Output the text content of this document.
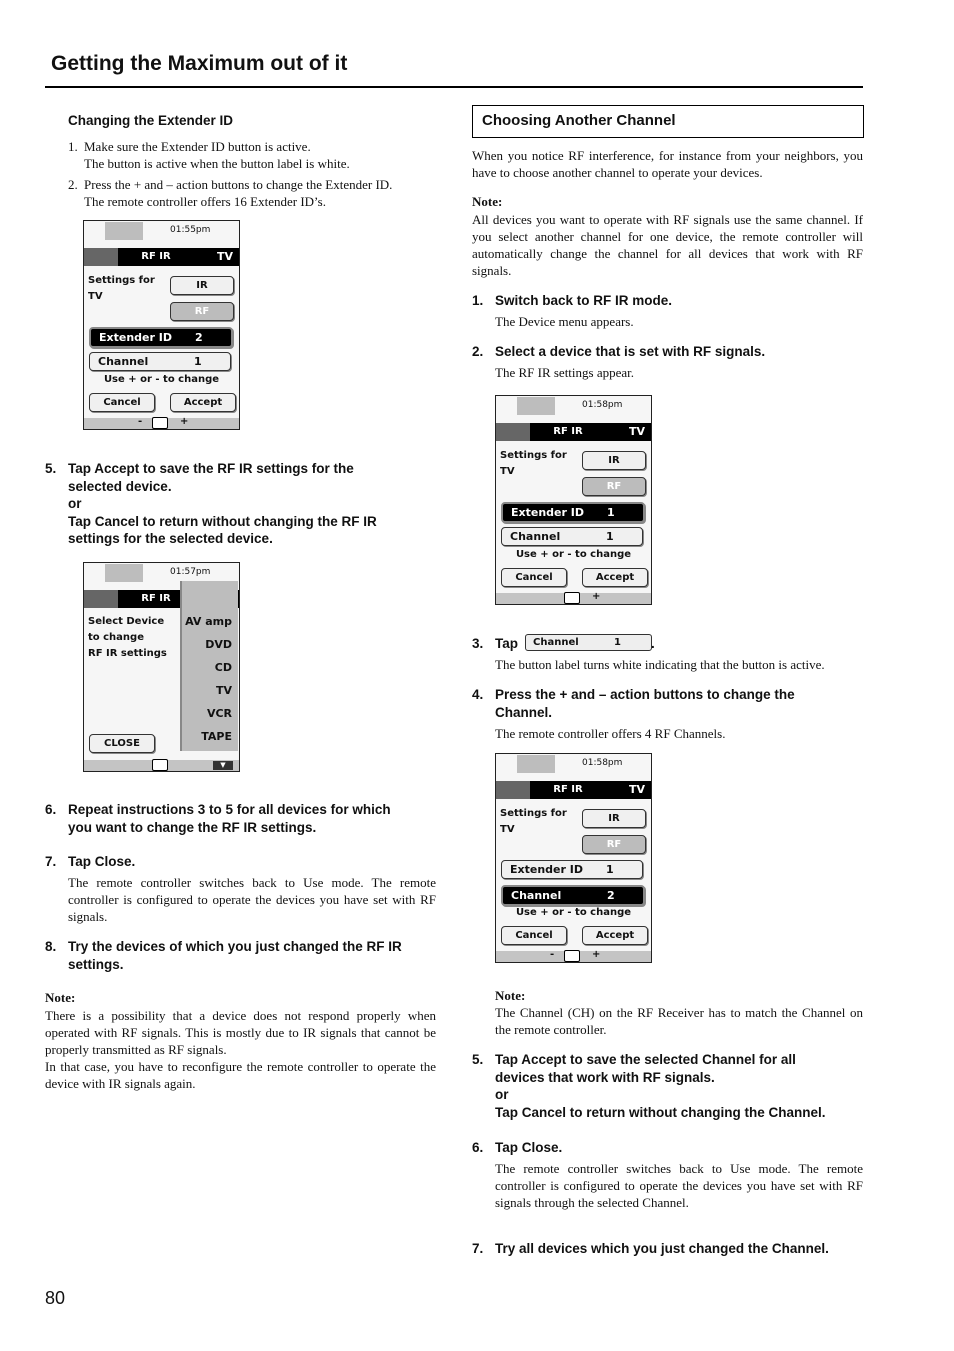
Getting the Maximum out of it
Changing the Extender ID
1. Make sure the Extender ID button is active.
The button is active when the button label is white.
2. Press the + and – action buttons to change the Extender ID.
The remote controller offers 16 Extender ID’s.
01:55pm
RF IR	TV
Settings for
TV
IR
RF
Extender ID 2
Channel	1
Use + or - to change
Cancel	Accept
-	+
5. Tap Accept to save the RF IR settings for the
selected device.
or
Tap Cancel to return without changing the RF IR
settings for the selected device.
01:57pm
RF IR
AV amp
DVD
CD
TV
VCR
TAPE
Select Device
to change
RF IR settings
CLOSE
▼
6. Repeat instructions 3 to 5 for all devices for which
you want to change the RF IR settings.
7. Tap Close.
The remote controller switches back to Use mode. The remote controller is configured to operate the devices you have set with RF signals.
8. Try the devices of which you just changed the RF IR
settings.
Note:
There is a possibility that a device does not respond properly when operated with RF signals. This is mostly due to IR signals that cannot be properly transmitted as RF signals.
In that case, you have to reconfigure the remote controller to operate the device with IR signals again.
Choosing Another Channel
When you notice RF interference, for instance from your neighbors, you have to choose another channel to operate your devices.
Note:
All devices you want to operate with RF signals use the same channel. If you select another channel for one device, the remote controller will automatically change the channel for all devices that work with RF signals.
1. Switch back to RF IR mode.
The Device menu appears.
2. Select a device that is set with RF signals.
The RF IR settings appear.
01:58pm
RF IR	TV
Settings for
TV
IR
RF
Extender ID 1
Channel	1
Use + or - to change
Cancel	Accept
+
3. Tap Channel	1 .
The button label turns white indicating that the button is active.
4. Press the + and – action buttons to change the
Channel.
The remote controller offers 4 RF Channels.
01:58pm
RF IR	TV
Settings for
TV
IR
RF
Extender ID 1
Channel	2
Use + or - to change
Cancel	Accept
-	+
Note:
The Channel (CH) on the RF Receiver has to match the Channel on the remote controller.
5. Tap Accept to save the selected Channel for all
devices that work with RF signals.
or
Tap Cancel to return without changing the Channel.
6. Tap Close.
The remote controller switches back to Use mode. The remote controller is configured to operate the devices you have set with RF signals through the selected Channel.
7. Try all devices which you just changed the Channel.
80
